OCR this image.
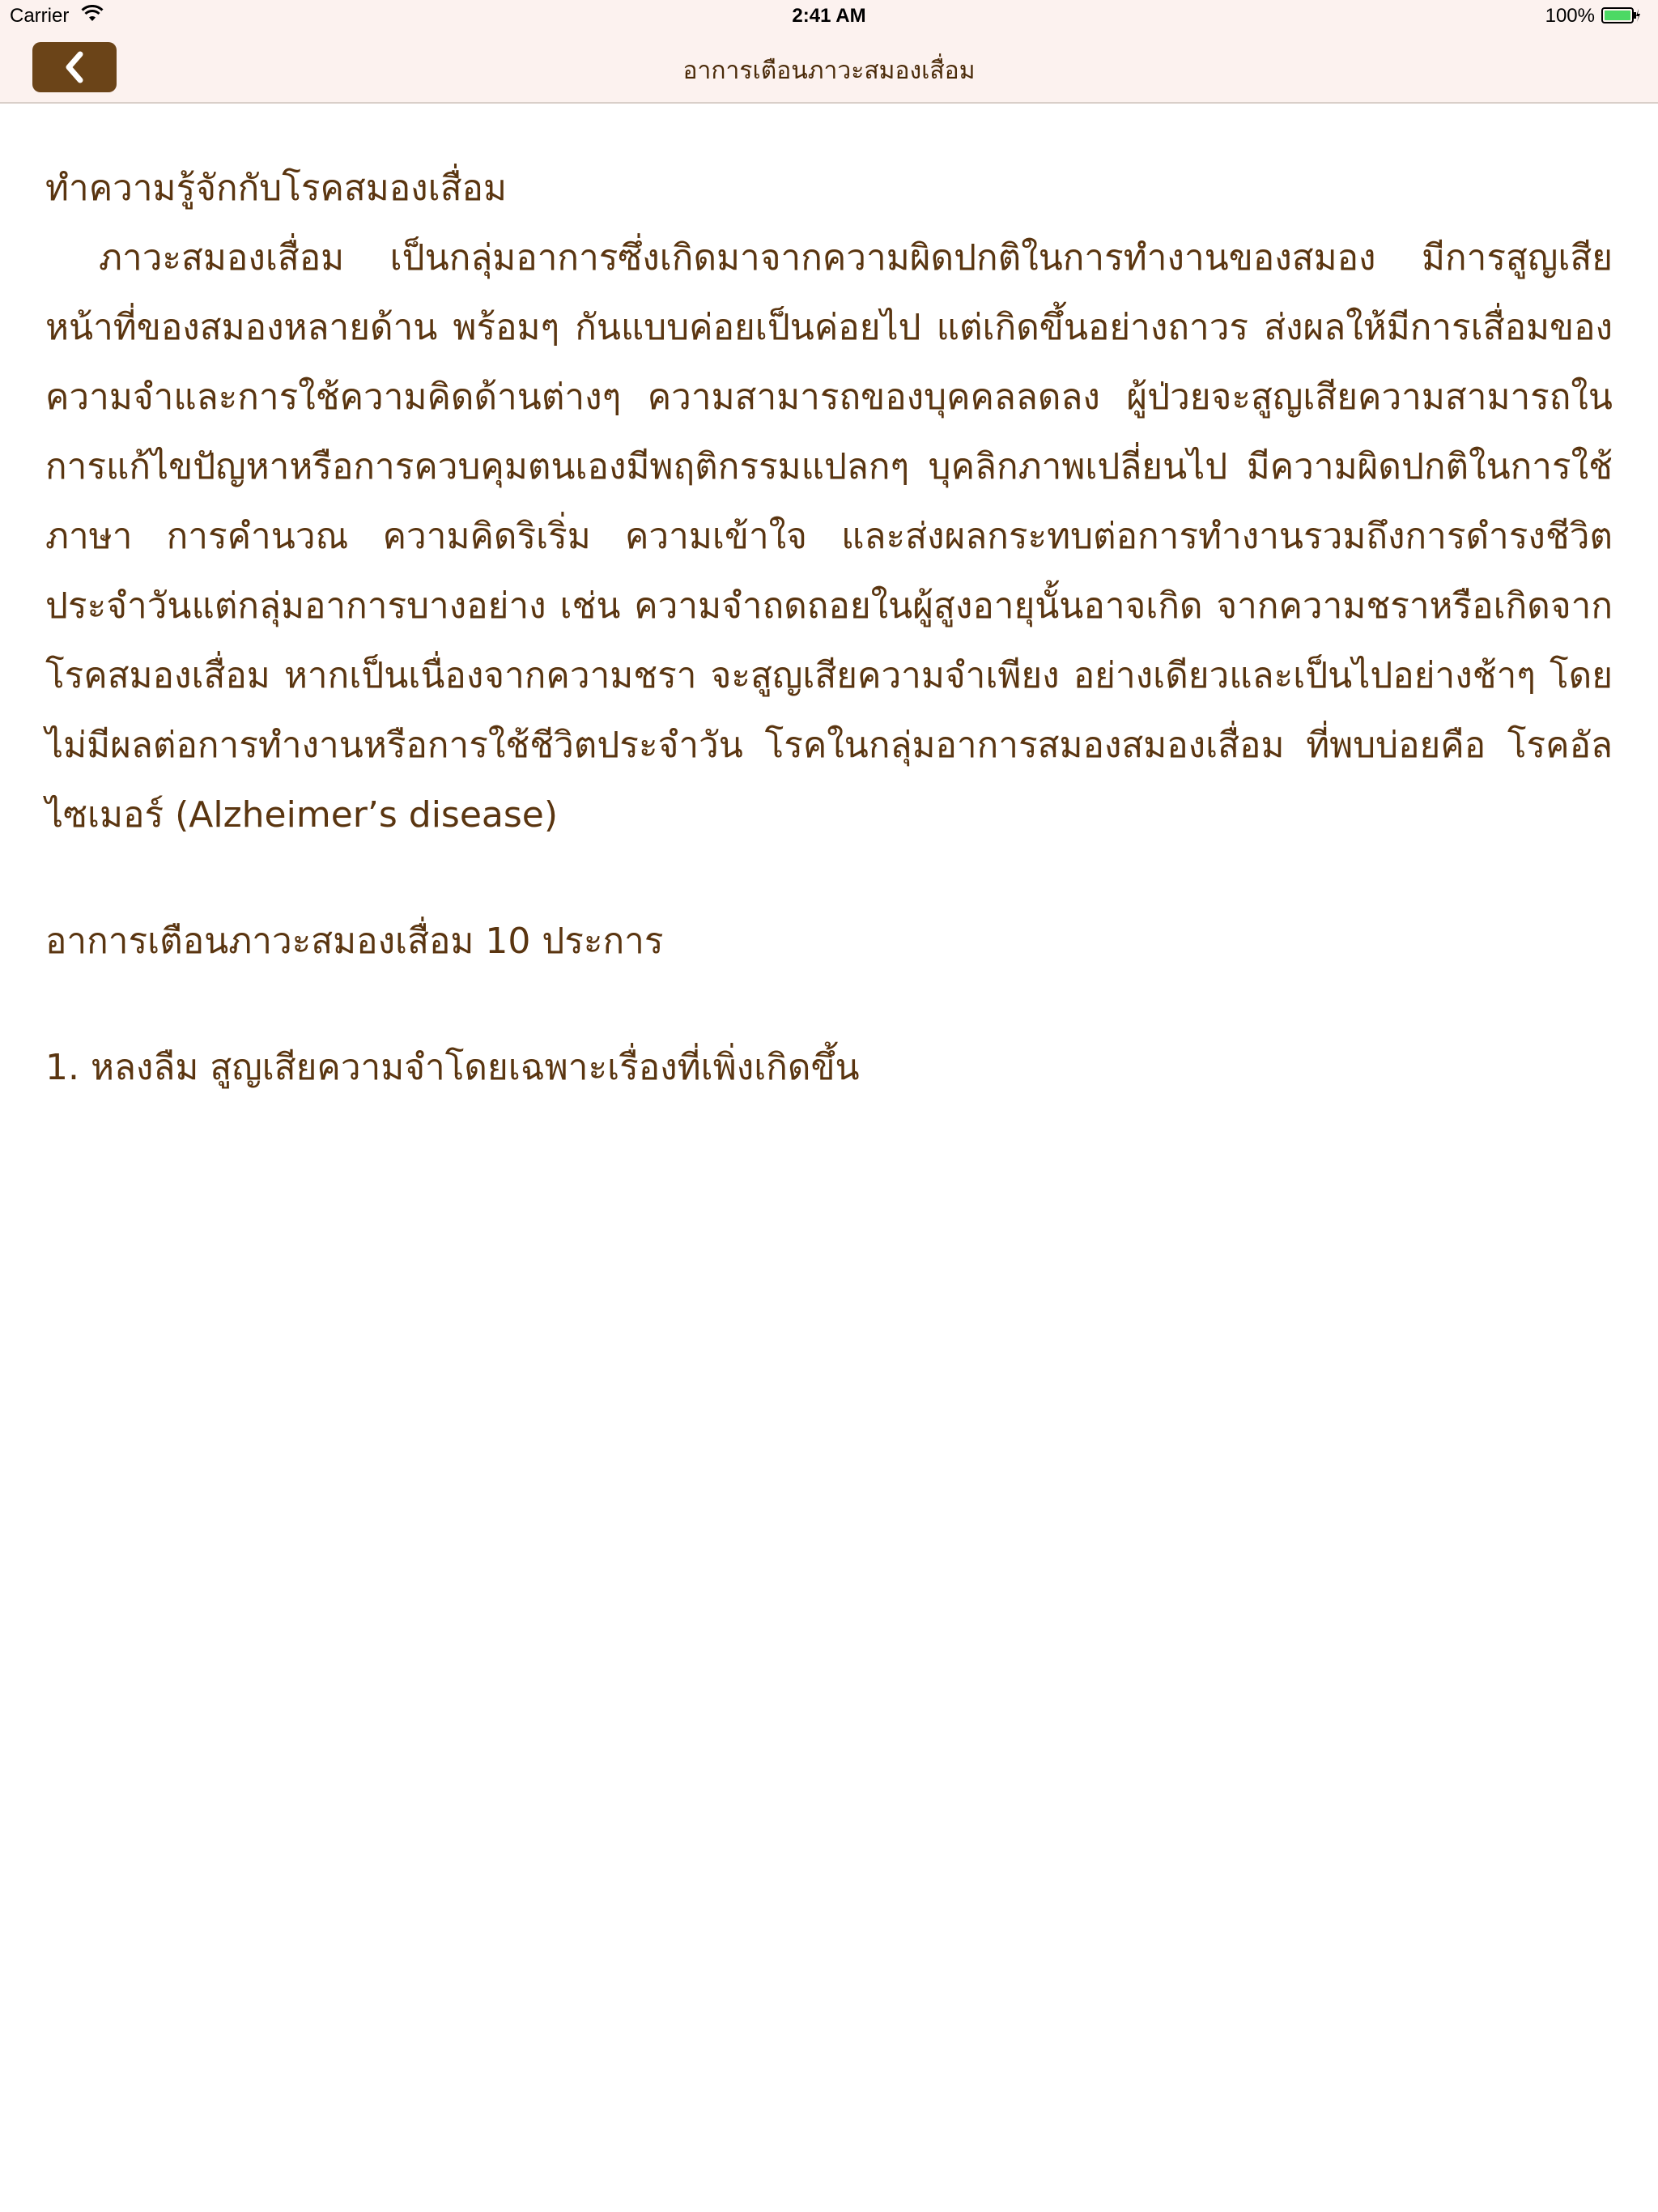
Carrier	2:41 AM	100%
อาการเตือนภาวะสมองเสื่อม
ทำความรู้จักกับโรคสมองเสื่อม

ภาวะสมองเสื่อม เป็นกลุ่มอาการซึ่งเกิดมาจากความผิดปกติในการทำงานของสมอง มีการสูญเสียหน้าที่ของสมองหลายด้าน พร้อมๆ กันแบบค่อยเป็นค่อยไป แต่เกิดขึ้นอย่างถาวร ส่งผลให้มีการเสื่อมของความจำและการใช้ความคิดด้านต่างๆ ความสามารถของบุคคลลดลง ผู้ป่วยจะสูญเสียความสามารถในการแก้ไขปัญหาหรือการควบคุมตนเองมีพฤติกรรมแปลกๆ บุคลิกภาพเปลี่ยนไป มีความผิดปกติในการใช้ภาษา การคำนวณ ความคิดริเริ่ม ความเข้าใจ และส่งผลกระทบต่อการทำงานรวมถึงการดำรงชีวิตประจำวันแต่กลุ่มอาการบางอย่าง เช่น ความจำถดถอยในผู้สูงอายุนั้นอาจเกิด จากความชราหรือเกิดจากโรคสมองเสื่อม หากเป็นเนื่องจากความชรา จะสูญเสียความจำเพียง อย่างเดียวและเป็นไปอย่างช้าๆ โดยไม่มีผลต่อการทำงานหรือการใช้ชีวิตประจำวัน โรคในกลุ่มอาการสมองสมองเสื่อม ที่พบบ่อยคือ โรคอัลไซเมอร์ (Alzheimer’s disease)

อาการเตือนภาวะสมองเสื่อม 10 ประการ
1. หลงลืม สูญเสียความจำโดยเฉพาะเรื่องที่เพิ่งเกิดขึ้น
